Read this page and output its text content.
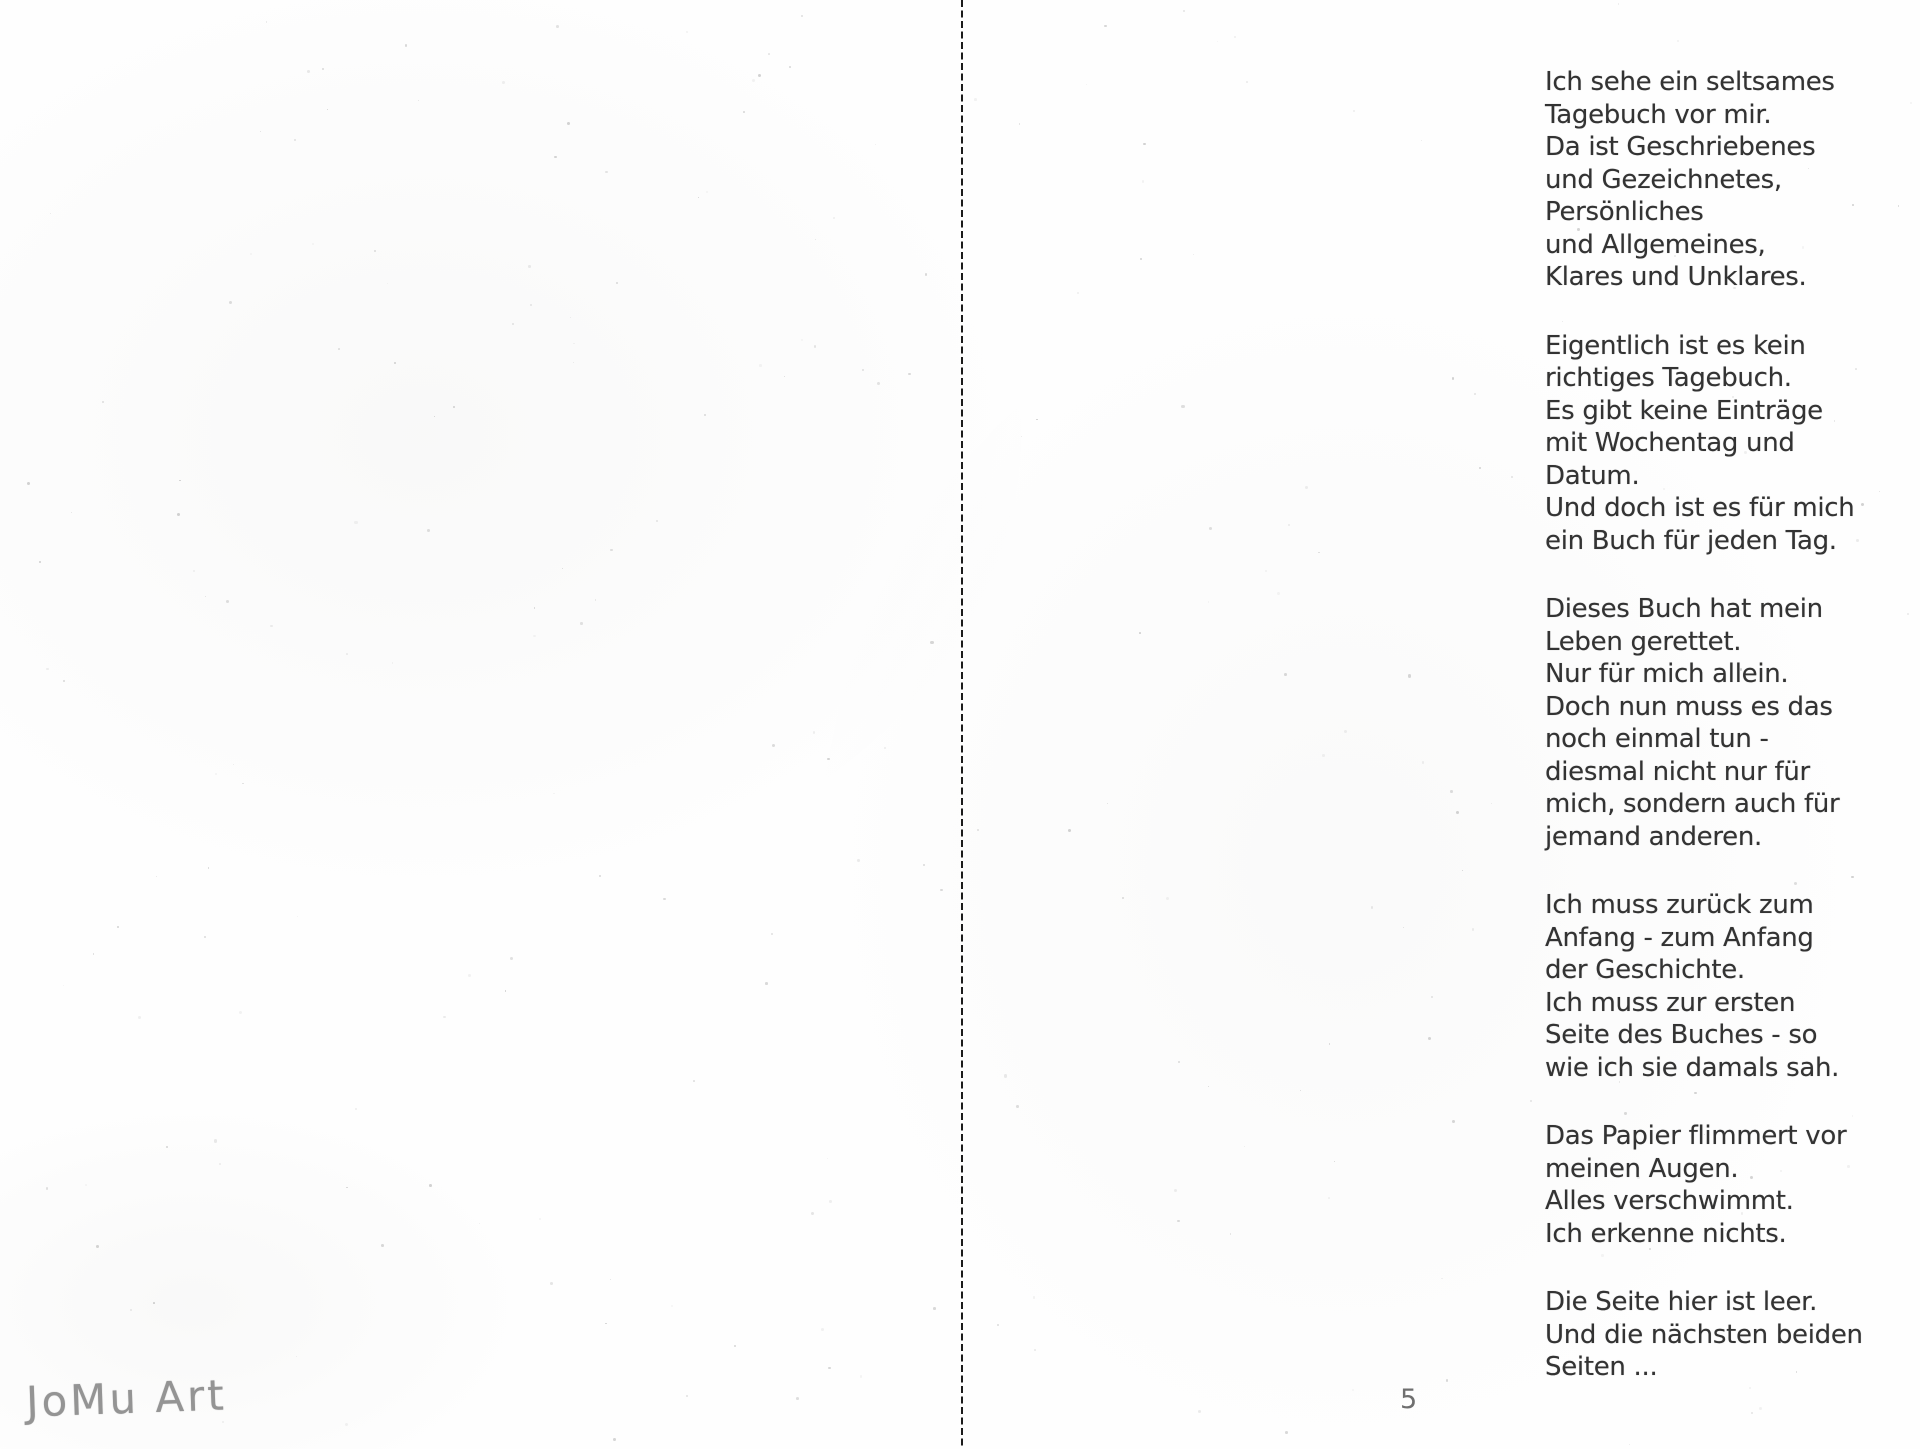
JoMu Art
Ich sehe ein seltsames
Tagebuch vor mir.
Da ist Geschriebenes
und Gezeichnetes,
Persönliches
und Allgemeines,
Klares und Unklares.
Eigentlich ist es kein
richtiges Tagebuch.
Es gibt keine Einträge
mit Wochentag und
Datum.
Und doch ist es für mich
ein Buch für jeden Tag.
Dieses Buch hat mein
Leben gerettet.
Nur für mich allein.
Doch nun muss es das
noch einmal tun -
diesmal nicht nur für
mich, sondern auch für
jemand anderen.
Ich muss zurück zum
Anfang - zum Anfang
der Geschichte.
Ich muss zur ersten
Seite des Buches - so
wie ich sie damals sah.
Das Papier flimmert vor
meinen Augen.
Alles verschwimmt.
Ich erkenne nichts.
Die Seite hier ist leer.
Und die nächsten beiden
Seiten ...
5
